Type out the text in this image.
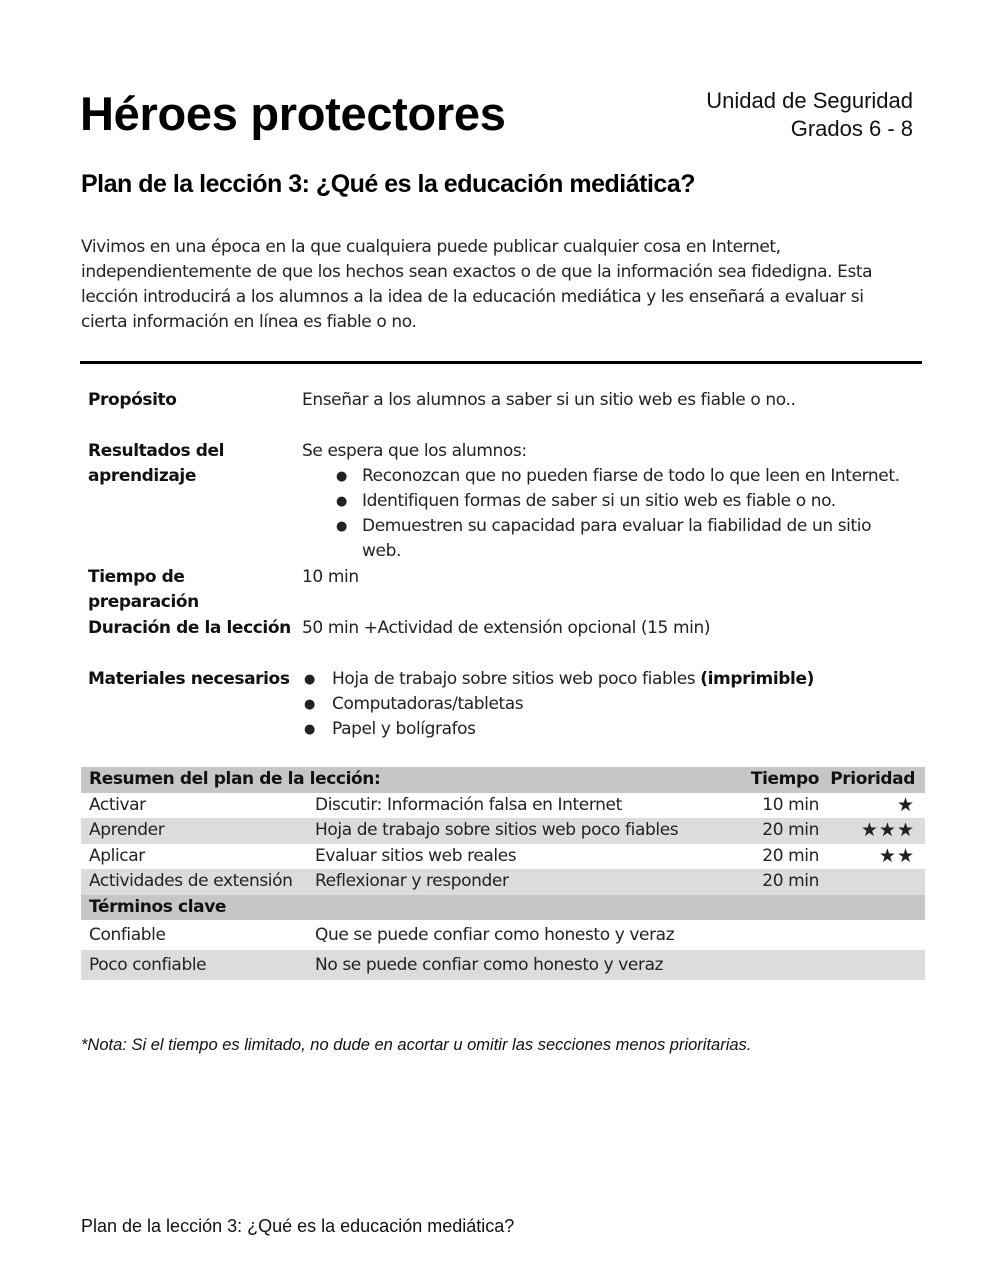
Héroes protectores	Unidad de Seguridad
Grados 6 - 8
Plan de la lección 3: ¿Qué es la educación mediática?
Vivimos en una época en la que cualquiera puede publicar cualquier cosa en Internet, independientemente de que los hechos sean exactos o de que la información sea fidedigna. Esta lección introducirá a los alumnos a la idea de la educación mediática y les enseñará a evaluar si cierta información en línea es fiable o no.
Propósito	Enseñar a los alumnos a saber si un sitio web es fiable o no..
Resultados del aprendizaje
Se espera que los alumnos:
● Reconozcan que no pueden fiarse de todo lo que leen en Internet.
● Identifiquen formas de saber si un sitio web es fiable o no.
● Demuestren su capacidad para evaluar la fiabilidad de un sitio web.
Tiempo de preparación
10 min
Duración de la lección 50 min +Actividad de extensión opcional (15 min)
Materiales necesarios
●	Hoja de trabajo sobre sitios web poco fiables (imprimible)
● Computadoras/tabletas
● Papel y bolígrafos
Resumen del plan de la lección:	Tiempo Prioridad
Activar	Discutir: Información falsa en Internet	10 min	★
Aprender	Hoja de trabajo sobre sitios web poco fiables	20 min ★★★
Aplicar	Evaluar sitios web reales	20 min	★★
Actividades de extensión Reflexionar y responder	20 min
Términos clave
Confiable	Que se puede confiar como honesto y veraz
Poco confiable	No se puede confiar como honesto y veraz
*Nota: Si el tiempo es limitado, no dude en acortar u omitir las secciones menos prioritarias.
Plan de la lección 3: ¿Qué es la educación mediática?
